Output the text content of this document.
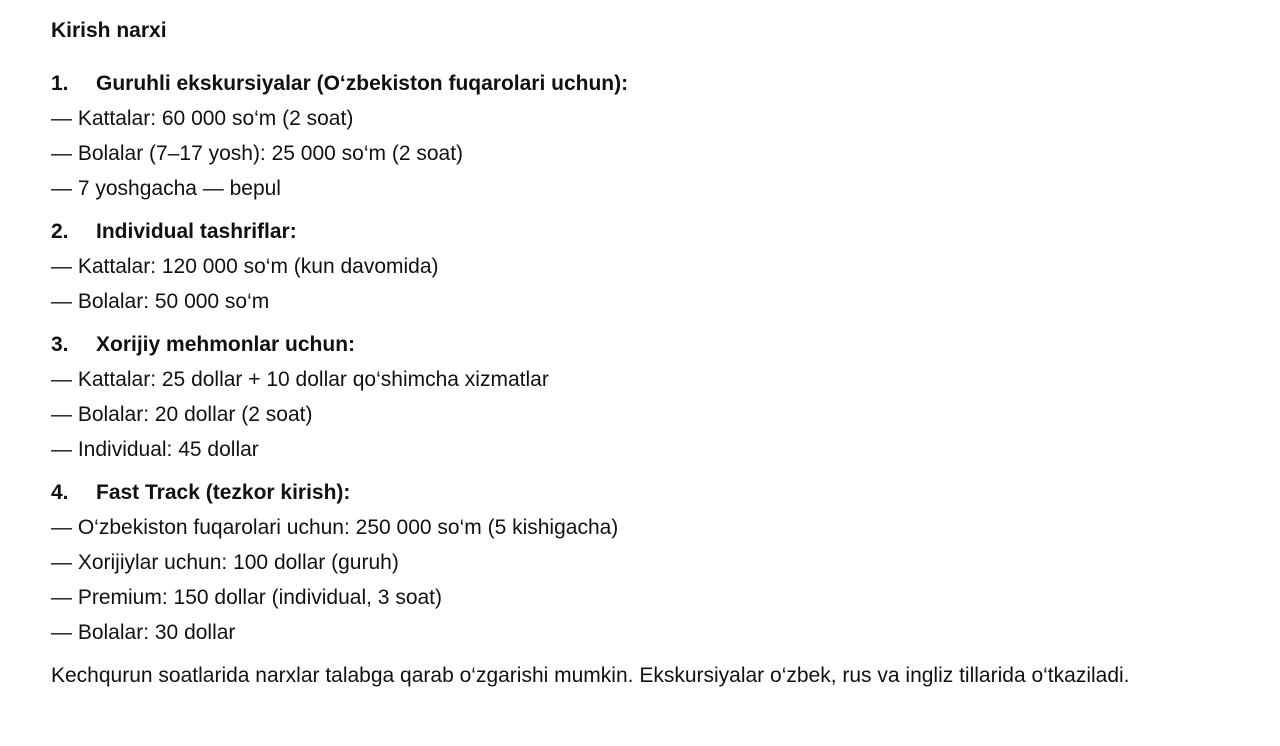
Kirish narxi
1.	Guruhli ekskursiyalar (O‘zbekiston fuqarolari uchun):
— Kattalar: 60 000 so‘m (2 soat)
— Bolalar (7–17 yosh): 25 000 so‘m (2 soat)
— 7 yoshgacha — bepul
2.	Individual tashriflar:
— Kattalar: 120 000 so‘m (kun davomida)
— Bolalar: 50 000 so‘m
3.	Xorijiy mehmonlar uchun:
— Kattalar: 25 dollar + 10 dollar qo‘shimcha xizmatlar
— Bolalar: 20 dollar (2 soat)
— Individual: 45 dollar
4.	Fast Track (tezkor kirish):
— O‘zbekiston fuqarolari uchun: 250 000 so‘m (5 kishigacha)
— Xorijiylar uchun: 100 dollar (guruh)
— Premium: 150 dollar (individual, 3 soat)
— Bolalar: 30 dollar
Kechqurun soatlarida narxlar talabga qarab o‘zgarishi mumkin. Ekskursiyalar o‘zbek, rus va ingliz tillarida o‘tkaziladi.
